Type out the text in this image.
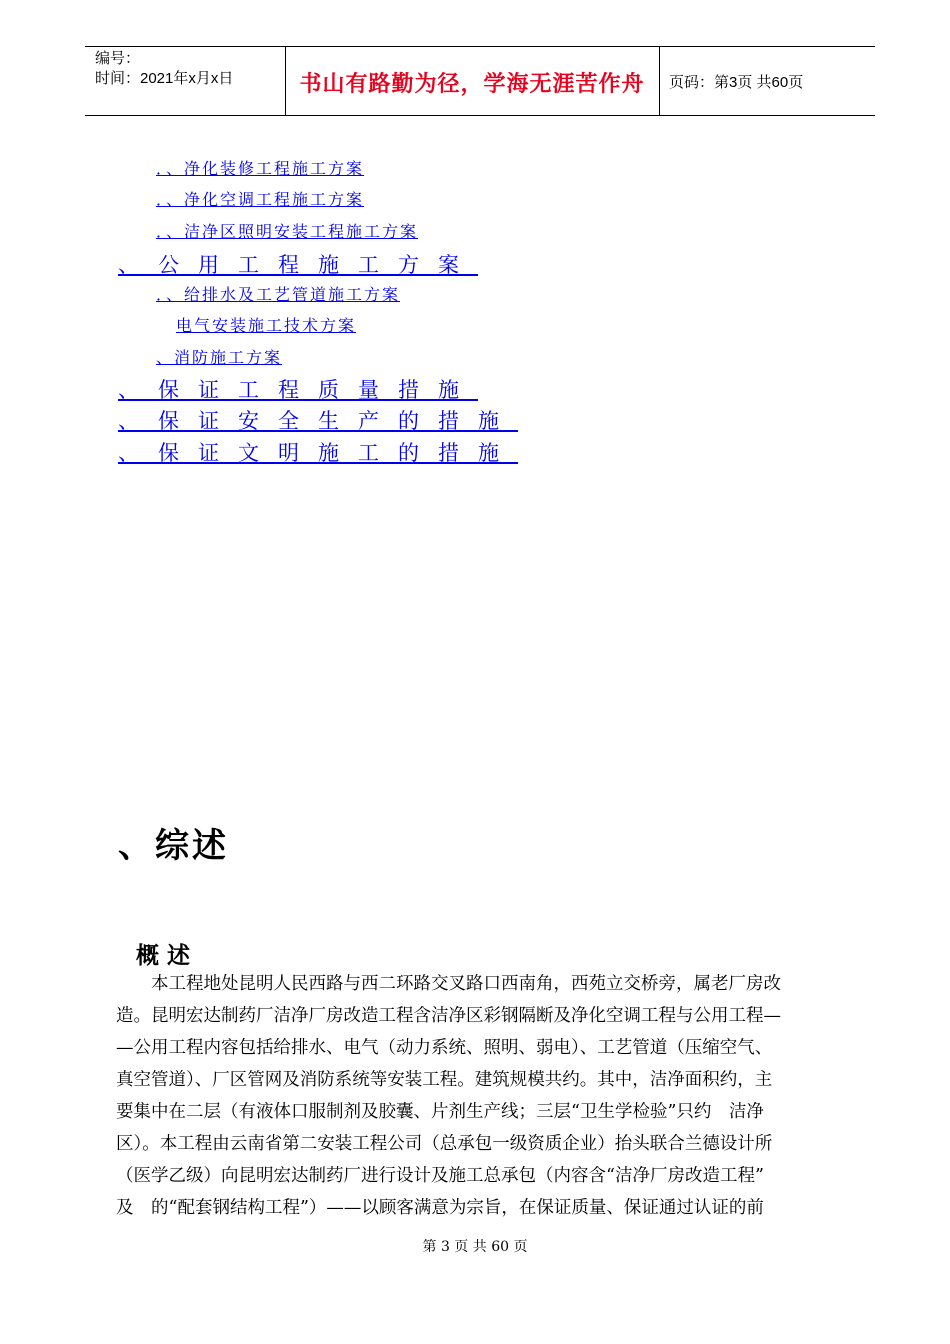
编号：
时间：2021年x月x日	书山有路勤为径，学海无涯苦作舟	页码：第3页 共60页
．、净化装修工程施工方案
．、净化空调工程施工方案
．、洁净区照明安装工程施工方案
、公用工程施工方案
．、给排水及工艺管道施工方案
电气安装施工技术方案
、消防施工方案
、保证工程质量措施
、保证安全生产的措施
、保证文明施工的措施
、综述
概述

　　本工程地处昆明人民西路与西二环路交叉路口西南角，西苑立交桥旁，属老厂房改

造。昆明宏达制药厂洁净厂房改造工程含洁净区彩钢隔断及净化空调工程与公用工程—

—公用工程内容包括给排水、电气（动力系统、照明、弱电）、工艺管道（压缩空气、

真空管道）、厂区管网及消防系统等安装工程。建筑规模共约。其中，洁净面积约，主

要集中在二层（有液体口服制剂及胶囊、片剂生产线；三层“卫生学检验”只约　洁净

区）。本工程由云南省第二安装工程公司（总承包一级资质企业）抬头联合兰德设计所

（医学乙级）向昆明宏达制药厂进行设计及施工总承包（内容含“洁净厂房改造工程”

及　的“配套钢结构工程”）——以顾客满意为宗旨，在保证质量、保证通过认证的前

第 3 页 共 60 页
